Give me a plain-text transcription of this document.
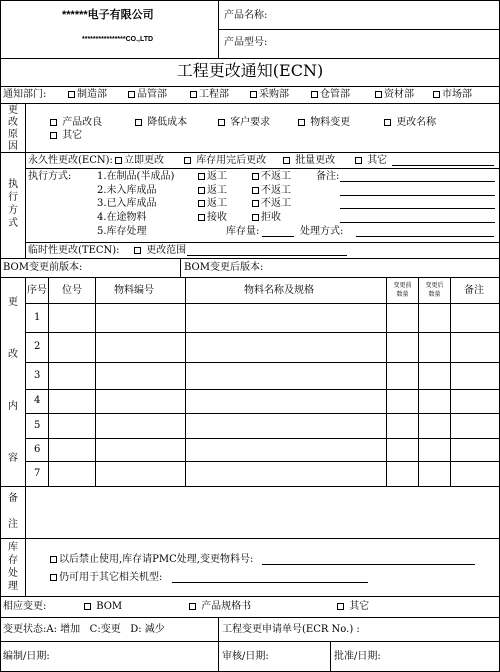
******电子有限公司
****************CO.,LTD
产品名称:
产品型号:
工程更改通知(ECN)
通知部门:	制造部	品管部	工程部	采购部	仓管部	资材部	市场部
更
改
原
因
产品改良	降低成本	客户要求	物料变更	更改名称
其它
执
行
方
式
永久性更改(ECN):	立即更改	库存用完后更改	批量更改	其它
执行方式:	1.在制品(半成品)	返工	不返工	备注:
2.未入库成品	返工	不返工
3.已入库成品	返工	不返工
4.在途物料	接收	拒收
5.库存处理	库存量:	处理方式:
临时性更改(TECN):	更改范围
BOM变更前版本:	BOM变更后版本:
更
改
内
容
序号 位号	物料编号	物料名称及规格	变更前
数量
变更后
数量	备注
1
2
3
4
5
6
7
备
注
库
存
处
理
以后禁止使用,库存请PMC处理,变更物料号:
仍可用于其它相关机型:
相应变更:	BOM	产品规格书	其它
变更状态:A: 增加   C:变更   D: 减少	工程变更申请单号(ECR No.) :
编制/日期:	审核/日期:	批准/日期:
